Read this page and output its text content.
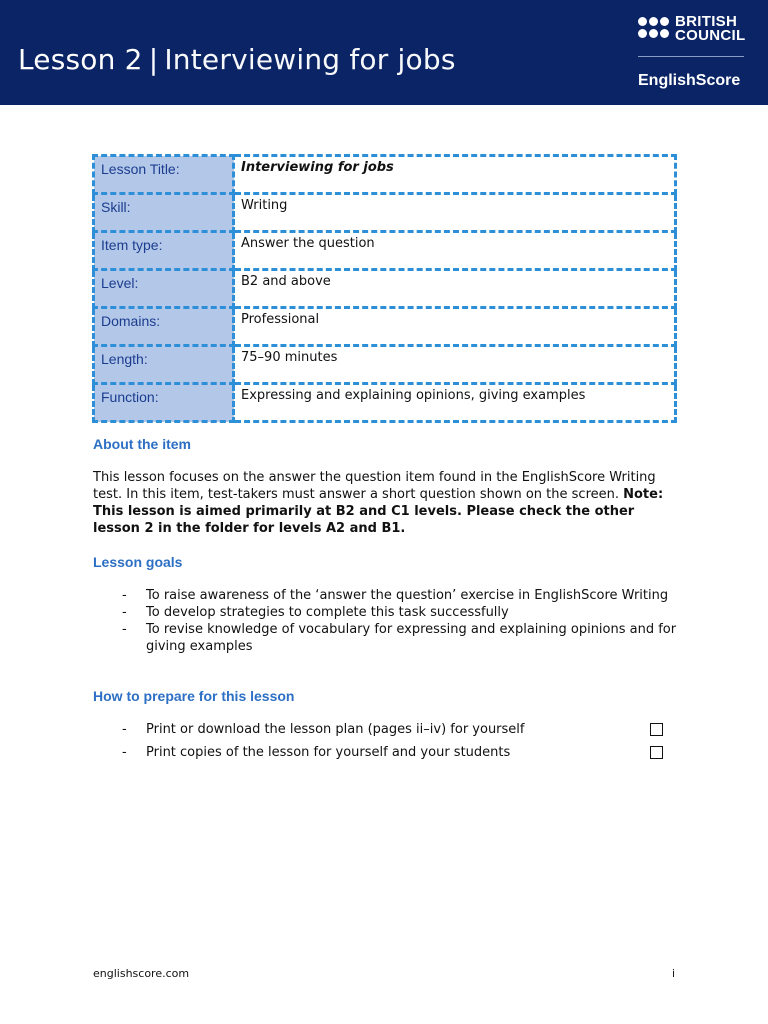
Lesson 2 | Interviewing for jobs
BRITISH
COUNCIL
EnglishScore
Lesson Title:	Interviewing for jobs
Skill:	Writing
Item type:	Answer the question
Level:	B2 and above
Domains:	Professional
Length:	75–90 minutes
Function:	Expressing and explaining opinions, giving examples
About the item
This lesson focuses on the answer the question item found in the EnglishScore Writing test. In this item, test-takers must answer a short question shown on the screen. Note: This lesson is aimed primarily at B2 and C1 levels. Please check the other lesson 2 in the folder for levels A2 and B1.
Lesson goals
- To raise awareness of the ‘answer the question’ exercise in EnglishScore Writing
- To develop strategies to complete this task successfully
- To revise knowledge of vocabulary for expressing and explaining opinions and for giving examples
How to prepare for this lesson
- Print or download the lesson plan (pages ii–iv) for yourself
- Print copies of the lesson for yourself and your students
englishscore.com	i
